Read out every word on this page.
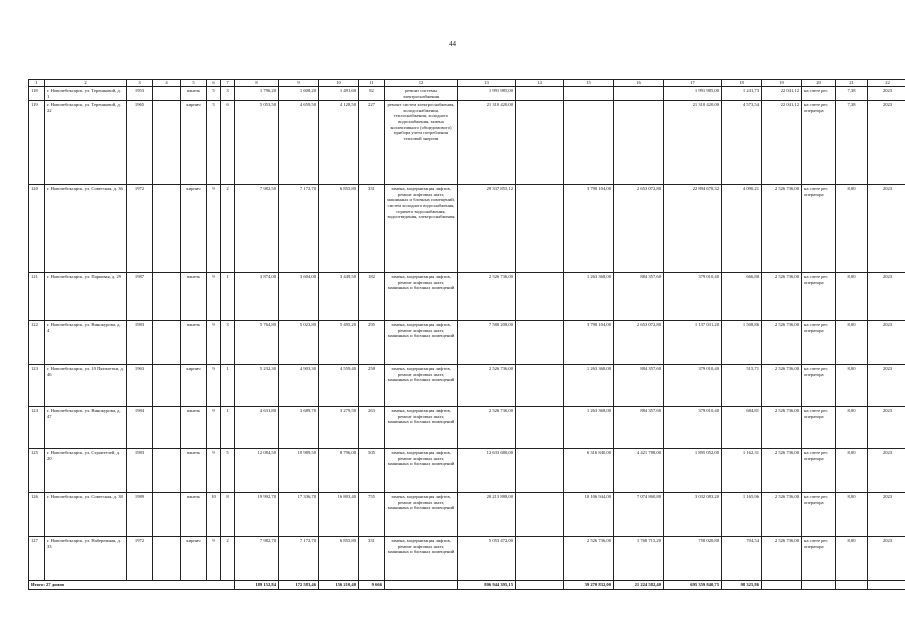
44
1	2	3	4	5	6	7	8	9	10	11	12	13	14	15	16	17	18	19	20	21	22
118	г. Новочебоксарск, ул. Терешковой, д. 1	1953		панель	5	3	1 796,20	1 608,20	1 491,60	82	ремонт системы электроснабжения	1 991 985,00				1 991 985,00	1 241,73	22 041,12	на счете рег.	7,38	2023
119	г. Новочебоксарск, ул. Терешковой, д. 22	1965		кирпич	5	6	5 053,50	4 659,50	4 128,50	227	ремонт систем электроснабжения, холодоснабжения, теплоснабжения, холодного водоснабжения, замена коллективного (общедомового) прибора учета потребления тепловой энергии	21 310 420,00				21 310 420,00	4 573,54	22 041,12	на счете рег. оператора	7,38	2023
120	г. Новочебоксарск, ул. Советская, д. 36	1972		кирпич	9	2	7 982,50	7 172,70	6 855,80	331	замена, модернизация лифтов, ремонт лифтовых шахт, машинных и блочных помещений, систем холодного водоснабжения, горячего водоснабжения, водоотведения, электроснабжения	29 337 855,12		3 790 104,00	2 653 072,80	22 894 678,32	4 090,21	2 526 736,00	на счете рег. оператора	8,00	2023
121	г. Новочебоксарск, ул. Парковая, д. 29	1987		панель	9	1	3 874,00	3 604,00	3 449,50	182	замена, модернизация лифтов, ремонт лифтовых шахт, машинных и блочных помещений	2 526 736,00		1 263 368,00	884 357,60	379 010,40	666,80	2 526 736,00	на счете рег. оператора	8,00	2023
122	г. Новочебоксарск, ул. Винокурова, д. 4	1983		панель	9	3	5 764,80	5 023,80	5 495,20	295	замена, модернизация лифтов, ремонт лифтовых шахт, машинных и блочных помещений	7 580 208,00		3 790 104,00	2 653 072,80	1 137 031,20	1 508,86	2 526 736,00	на счете рег. оператора	8,00	2023
123	г. Новочебоксарск, ул. 10 Пятилетки, д. 46	1963		кирпич	9	1	5 232,30	4 903,30	4 559,40	258	замена, модернизация лифтов, ремонт лифтовых шахт, машинных и блочных помещений	2 526 736,00		1 263 368,00	884 357,60	379 010,40	515,71	2 526 736,00	на счете рег. оператора	8,00	2023
124	г. Новочебоксарск, ул. Винокурова, д. 47	1984		панель	9	1	4 631,80	3 689,70	3 279,50	263	замена, модернизация лифтов, ремонт лифтовых шахт, машинных и блочных помещений	2 526 736,00		1 263 368,00	884 357,60	379 010,40	684,81	2 526 736,00	на счете рег. оператора	8,00	2023
125	г. Новочебоксарск, ул. Строителей, д. 20	1983		панель	9	5	12 084,50	10 989,50	8 796,00	505	замена, модернизация лифтов, ремонт лифтовых шахт, машинных и блочных помещений	12 633 680,00		6 316 840,00	4 421 788,00	1 895 052,00	1 162,31	2 526 736,00	на счете рег. оператора	8,00	2023
126	г. Новочебоксарск, ул. Советская, д. 38	1989		панель	10	8	19 992,70	17 336,70	16 803,40	755	замена, модернизация лифтов, ремонт лифтовых шахт, машинных и блочных помещений	20 213 888,00		10 106 944,00	7 074 860,80	3 032 083,20	1 165,96	2 526 736,00	на счете рег. оператора	8,00	2023
127	г. Новочебоксарск, ул. Набережная, д. 33	1972		кирпич	9	2	7 982,70	7 172,70	6 855,80	331	замена, модернизация лифтов, ремонт лифтовых шахт, машинных и блочных помещений	5 053 472,00		2 526 736,00	1 768 715,20	758 020,80	704,54	2 526 736,00	на счете рег. оператора	8,00	2023
Итого: 27 домов							189 152,84	172 583,46	156 210,40	9 666		806 944 395,15		39 270 832,00	21 224 582,40	695 359 840,75	98 325,86				
